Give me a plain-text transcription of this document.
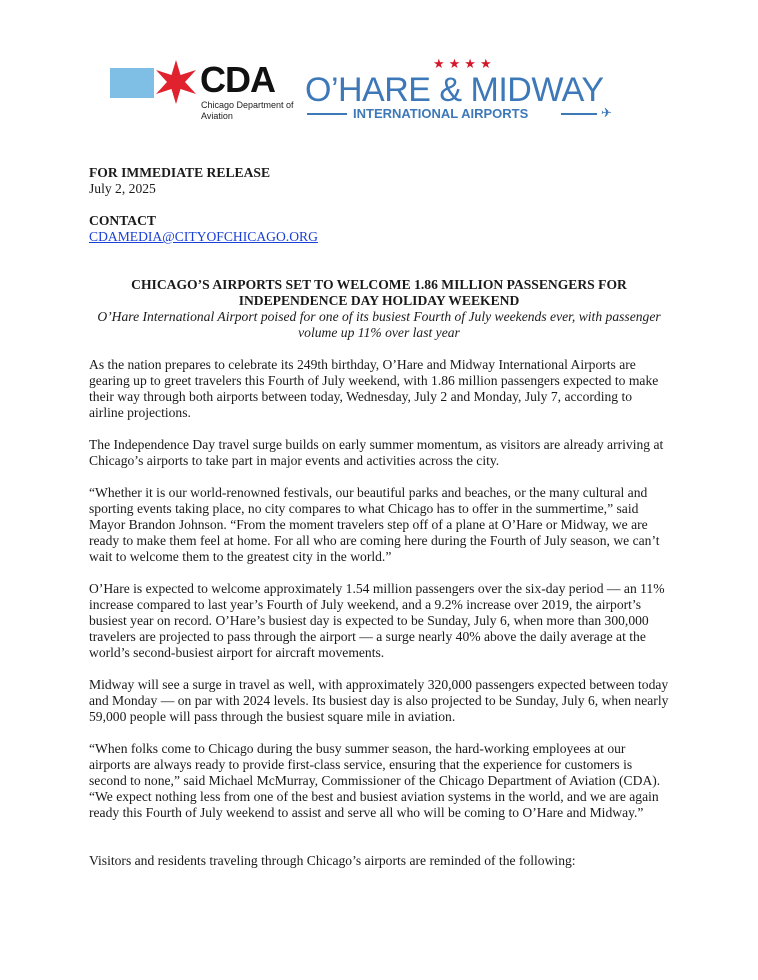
CDA
Chicago Department of Aviation
★★★★
O’HARE & MIDWAY
INTERNATIONAL AIRPORTS	✈
FOR IMMEDIATE RELEASE
July 2, 2025
CONTACT
CDAMEDIA@CITYOFCHICAGO.ORG
CHICAGO’S AIRPORTS SET TO WELCOME 1.86 MILLION PASSENGERS FOR INDEPENDENCE DAY HOLIDAY WEEKEND
O’Hare International Airport poised for one of its busiest Fourth of July weekends ever, with passenger volume up 11% over last year

As the nation prepares to celebrate its 249th birthday, O’Hare and Midway International Airports are gearing up to greet travelers this Fourth of July weekend, with 1.86 million passengers expected to make their way through both airports between today, Wednesday, July 2 and Monday, July 7, according to airline projections.

The Independence Day travel surge builds on early summer momentum, as visitors are already arriving at Chicago’s airports to take part in major events and activities across the city.

“Whether it is our world-renowned festivals, our beautiful parks and beaches, or the many cultural and sporting events taking place, no city compares to what Chicago has to offer in the summertime,” said Mayor Brandon Johnson. “From the moment travelers step off of a plane at O’Hare or Midway, we are ready to make them feel at home. For all who are coming here during the Fourth of July season, we can’t wait to welcome them to the greatest city in the world.”

O’Hare is expected to welcome approximately 1.54 million passengers over the six-day period — an 11% increase compared to last year’s Fourth of July weekend, and a 9.2% increase over 2019, the airport’s busiest year on record. O’Hare’s busiest day is expected to be Sunday, July 6, when more than 300,000 travelers are projected to pass through the airport — a surge nearly 40% above the daily average at the world’s second-busiest airport for aircraft movements.

Midway will see a surge in travel as well, with approximately 320,000 passengers expected between today and Monday — on par with 2024 levels. Its busiest day is also projected to be Sunday, July 6, when nearly 59,000 people will pass through the busiest square mile in aviation.

“When folks come to Chicago during the busy summer season, the hard-working employees at our airports are always ready to provide first-class service, ensuring that the experience for customers is second to none,” said Michael McMurray, Commissioner of the Chicago Department of Aviation (CDA). “We expect nothing less from one of the best and busiest aviation systems in the world, and we are again ready this Fourth of July weekend to assist and serve all who will be coming to O’Hare and Midway.”

Visitors and residents traveling through Chicago’s airports are reminded of the following:
